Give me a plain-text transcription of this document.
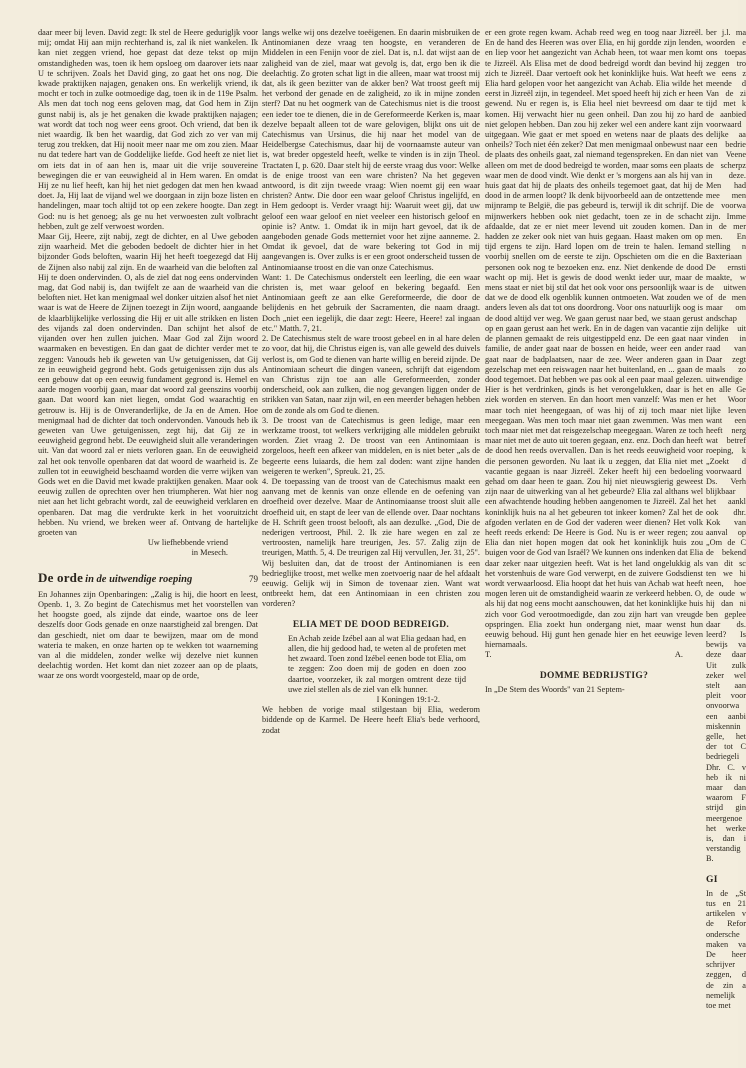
daar meer bij leven. David zegt: Ik stel de Heere gedurigljk voor mij; omdat Hij aan mijn rechterhand is, zal ik niet wankelen. Ik kan niet zeggen vriend, hoe gepast dat deze tekst op mijn omstandigheden was, toen ik hem opsloeg om daarover iets naar U te schrijven. Zoals het David ging, zo gaat het ons nog. Die kwade praktijken najagen, genaken ons. En werkelijk vriend, ik mocht er toch in zulke ootmoedige dag, toen ik in de 119e Psalm. Als men dat toch nog eens geloven mag, dat God hem in Zijn gunst nabij is, als je het genaken die kwade praktijken najagen; wat wordt dat toch nog weer eens groot. Och vriend, dat ben ik niet waardig. Ik ben het waardig, dat God zich zo ver van mij terug zou trekken, dat Hij nooit meer naar me om zou zien. Maar nu dat tedere hart van de Goddelijke liefde. God heeft ze niet liet om iets dat in of aan hen is, maar uit die vrije souvereine bewegingen die er van eeuwigheid al in Hem waren. En omdat Hij ze nu lief heeft, kan hij het niet gedogen dat men hen kwaad doet. Ja, Hij laat de vijand wel we doorgaan in zijn boze listen en handelingen, maar toch altijd tot op een zekere hoogte. Dan zegt God: nu is het genoeg; als ge nu het verwoesten zult volbracht hebben, zult ge zelf verwoest worden.

Maar Gij, Heere, zijt nabij, zegt de dichter, en al Uwe geboden zijn waarheid. Met die geboden bedoelt de dichter hier in het bijzonder Gods beloften, waarin Hij het heeft toegezegd dat Hij de Zijnen also nabij zal zijn. En de waarheid van die beloften zal Hij te doen ondervinden. O, als de ziel dat nog eens ondervinden mag, dat God nabij is, dan twijfelt ze aan de waarheid van die beloften niet. Het kan menigmaal wel donker uitzien alsof het niet waar is wat de Heere de Zijnen toezegt in Zijn woord, aangaande de klaarblijkelijke verlossing die Hij er uit alle strikken en listen des vijands zal doen ondervinden. Dan schijnt het alsof de vijanden over hen zullen juichen. Maar God zal Zijn woord waarmaken en bevestigen. En dan gaat de dichter verder met te zeggen: Vanouds heb ik geweten van Uw getuigenissen, dat Gij ze in eeuwigheid gegrond hebt. Gods getuigenissen zijn dus als een gebouw dat op een eeuwig fundament gegrond is. Hemel en aarde mogen voorbij gaan, maar dat woord zal geenszins voorbij gaan. Dat woord kan niet liegen, omdat God waarachtig en getrouw is. Hij is de Onveranderlijke, de Ja en de Amen. Hoe menigmaal had de dichter dat toch ondervonden. Vanouds heb ik geweten van Uwe getuigenissen, zegt hij, dat Gij ze in eeuwigheid gegrond hebt. De eeuwigheid sluit alle veranderingen uit. Van dat woord zal er niets verloren gaan. En de eeuwigheid zal het ook tenvolle openbaren dat dat woord de waarheid is. Ze zullen tot in eeuwigheid beschaamd worden die verre wijken van Gods wet en die David met kwade praktijken genaken. Maar ook eeuwig zullen de oprechten over hen triumpheren. Wat hier nog niet aan het licht gebracht wordt, zal de eeuwigheid verklaren en openbaren. Dat mag die verdrukte kerk in het vooruitzicht hebben. Nu vriend, we breken weer af. Ontvang de hartelijke groeten van

Uw liefhebbende vriend

in Mesech.

De orde in de uitwendige roeping	79

En Johannes zijn Openbaringen: „Zalig is hij, die hoort en leest, Openb. 1, 3. Zo begint de Catechismus met het voorstellen van het hoogste goed, als zijnde dat einde, waartoe ons de leer deszelfs door Gods genade en onze naarstigheid zal brengen. Dat dan geschiedt, niet om daar te bewijzen, maar om de mond wateria te maken, en onze harten op te wekken tot waarneming van al die middelen, zonder welke wij dezelve niet kunnen deelachtig worden. Het komt dan niet zozeer aan op de plaats, waar ze ons wordt voorgesteld, maar op de orde,

langs welke wij ons dezelve toeëigenen. En daarin misbruiken de Antinomianen deze vraag ten hoogste, en veranderen de Middelen in een Fenijn voor de ziel. Dat is, n.l. dat wijst aan de zaligheid van de ziel, maar wat gevolg is, dat, ergo ben ik die deelachtig. Zo groten schat ligt in die alleen, maar wat troost mij dat, als ik geen bezitter van de akker ben? Wat troost geeft mij het verbond der genade en de zaligheid, zo ik in mijne zonden sterf? Dat nu het oogmerk van de Catechismus niet is die troost een ieder toe te dienen, die in de Gereformeerde Kerken is, maar dezelve bepaalt alleen tot de ware gelovigen, blijkt ons uit de Catechismus van Ursinus, die hij naar het model van de Heidelbergse Catechismus, daar hij de voornaamste auteur van is, wat breder opgesteld heeft, welke te vinden is in zijn Theol. Tractaten I, p. 620. Daar stelt hij de eerste vraag dus voor: Welke is de enige troost van een ware christen? Na het gegeven antwoord, is dit zijn tweede vraag: Wien noemt gij een waar christen? Antw. Die door een waar geloof Christus ingelijfd, en in Hem gedoopt is. Verder vraagt hij: Waaruit weet gij, dat uw geloof een waar geloof en niet veeleer een historisch geloof en opinie is? Antw. 1. Omdat ik in mijn hart gevoel, dat ik de aangeboden genade Gods metterniet voor het zijne aanneme. 2. Omdat ik gevoel, dat de ware bekering tot God in mij aangevangen is. Over zulks is er een groot onderscheid tussen de Antinomiaanse troost en die van onze Catechismus.

Want: 1. De Catechismus onderstelt een leerling, die een waar christen is, met waar geloof en bekering begaafd. Een Antinomiaan geeft ze aan elke Gereformeerde, die door de belijdenis en het gebruik der Sacramenten, die naam draagt. Doch „niet een iegelijk, die daar zegt: Heere, Heere! zal ingaan etc." Matth. 7, 21.

2. De Catechismus stelt de ware troost gebeel en in al hare delen zo voor, dat hij, die Christus eigen is, van alle geweld des duivels verlost is, om God te dienen van harte willig en bereid zijnde. De Antinomiaan scheurt die dingen vaneen, schrijft dat eigendom van Christus zijn toe aan alle Gereformeerden, zonder onderscheid, ook aan zulken, die nog gevangen liggen onder de strikken van Satan, naar zijn wil, en een meerder behagen hebben om de zonde als om God te dienen.

3. De troost van de Catechismus is geen ledige, maar een werkzame troost, tot welkers verkrijging alle middelen gebruikt worden. Ziet vraag 2. De troost van een Antinomiaan is zorgeloos, heeft een afkeer van middelen, en is niet beter „als de begeerte eens luiaards, die hem zal doden: want zijne handen weigeren te werken", Spreuk. 21, 25.

4. De toepassing van de troost van de Catechismus maakt een aanvang met de kennis van onze ellende en de oefening van droefheid over dezelve. Maar de Antinomiaanse troost sluit alle droefheid uit, en stapt de leer van de ellende over. Daar nochtans de H. Schrift geen troost belooft, als aan dezulke. „God, Die de nederigen vertroost, Phil. 2. Ik zie hare wegen en zal ze vertroosten, namelijk hare treurigen, Jes. 57. Zalig zijn de treurigen, Matth. 5, 4. De treurigen zal Hij vervullen, Jer. 31, 25". Wij besluiten dan, dat de troost der Antinomianen is een bedrieglijke troost, met welke men zoetvoerig naar de hel afdaalt eeuwig. Gelijk wij in Simon de tovenaar zien. Want wat ontbreekt hem, dat een Antinomiaan in een christen zou vorderen?

ELIA MET DE DOOD BEDREIGD.

En Achab zeide Izébel aan al wat Elia gedaan had, en allen, die hij gedood had, te weten al de profeten met het zwaard. Toen zond Izébel eenen bode tot Elia, om te zeggen: Zoo doen mij de goden en doen zoo daartoe, voorzeker, ik zal morgen omtrent deze tijd uwe ziel stellen als de ziel van elk hunner.

I Koningen 19:1-2.

We hebben de vorige maal stilgestaan bij Elia, wederom biddende op de Karmel. De Heere heeft Elia's bede verhoord, zodat

er een grote regen kwam. Achab reed weg en toog naar Jizreël. En de hand des Heeren was over Elia, en hij gordde zijn lenden, en liep voor het aangezicht van Achab heen, tot waar men komt te Jizreël. Als Elisa met de dood bedreigd wordt dan bevind hij zich te Jizreël. Daar vertoeft ook het koninklijke huis. Wat heeft Elia hard gelopen voor het aangezicht van Achab. Elia wilde het eerst in Jizreël zijn, in tegendeel. Met spoed heeft hij zich er heen gewend. Nu er regen is, is Elia heel niet bevreesd om daar te komen. Hij verwacht hier nu geen onheil. Dan zou hij zo hard niet gelopen hebben. Dan zou hij zeker wel een andere kant zijn uitgegaan. Wie gaat er met spoed en wetens naar de plaats des onheils? Toch niet één zeker? Dat men menigmaal onbewust naar de plaats des onheils gaat, zal niemand tegenspreken. En dan niet alleen om met de dood bedreigd te worden, maar soms een plaats waar men de dood vindt. Wie denkt er 's morgens aan als hij van huis gaat dat hij de plaats des onheils tegemoet gaat, dat hij de dood in de armen loopt? Ik denk bijvoorbeeld aan de ontzettende mijnramp te België, die pas gebeurd is, terwijl ik dit schrijf. Die mijnwerkers hebben ook niet gedacht, toen ze in de schacht afdaalde, dat ze er niet meer levend uit zouden komen. Dan hadden ze zeker ook niet van huis gegaan. Haast maken om op tijd ergens te zijn. Hard lopen om de trein te halen. Iemand voorbij snellen om de eerste te zijn. Opschieten om die en die personen ook nog te bezoeken enz. enz. Niet denkende de dood wacht op mij. Het is gewis de dood wenkt ieder uur, maar de mens staat er niet bij stil dat het ook voor ons persoonlijk waar is dat we de dood elk ogenblik kunnen ontmoeten. Wat zouden we anders leven als dat tot ons doordrong. Voor ons natuurlijk oog is de dood altijd ver weg. We gaan gerust naar bed, we staan gerust op en gaan gerust aan het werk. En in de dagen van vacantie zijn de plannen gemaakt de reis uitgestippeld enz. De een gaat naar familie, de ander gaat naar de bossen en heide, weer een ander gaat naar de badplaatsen, naar de zee. Weer anderen gaan in gezelschap met een reiswagen naar het buitenland, en ... gaan de dood tegemoet. Dat hebben we pas ook al een paar maal gelezen. Hier is het verdrinken, ginds is het verongelukken, daar is het ziek worden en sterven. En dan hoort men vanzelf: Was men er maar toch niet heengegaan, of was hij of zij toch maar niet meegegaan. Was men toch maar niet gaan zwemmen. Was men toch maar niet met dat reisgezelschap meegegaan. Waren ze toch maar niet met de auto uit toeren gegaan, enz. enz. Doch dan heeft de dood hen reeds overvallen. Dan is het reeds eeuwigheid voor die personen geworden. Nu laat ik u zeggen, dat Elia niet met vacantie gegaan is naar Jizreël. Zeker heeft hij een bedoeling gehad om daar heen te gaan. Zou hij niet nieuwsgierig geweest zijn naar de uitwerking van al het gebeurde? Elia zal althans wel een afwachtende houding hebben aangenomen te Jizreël. Zal het koninklijk huis na al het gebeuren tot inkeer komen? Zal het de afgoden verlaten en de God der vaderen weer dienen? Het volk heeft reeds erkend: De Heere is God. Nu is er weer regen; zou Elia dan niet hopen mogen dat ook het koninklijk huis zou buigen voor de God van Israël? We kunnen ons indenken dat Elia daar zeker naar uitgezien heeft. Wat is het land ongelukkig als het vorstenhuis de ware God verwerpt, en de zuivere Godsdienst wordt verwaarloosd. Elia hoopt dat het huis van Achab wat heeft mogen leren uit de omstandigheid waarin ze verkeerd hebben. O, als hij dat nog eens mocht aanschouwen, dat het koninklijke huis zich voor God verootmoedigde, dan zou zijn hart van vreugde opspringen. Elia zoekt hun ondergang niet, maar wenst hun eeuwig behoud. Hij gunt hen genade hier en het eeuwige leven hiernamaals.

T.	A.
DOMME BEDRIJSTIG?

In „De Stem des Woords" van 21 Septem-

ber j.l. ma woorden e ons toepas zeggen tro we eens z meende d Van de zi tijd met k de aanbied voorwaard delijke aa een bedrie van Veene de scherpz in deze. Men had mee men de voorwa zijn. Imme in de mer men. En stelling n Baxteriaan De ernsti maakte, w de uitwen of de men maar om andschap delijke uit vinden in raad van Daar zegt maals zo uitwendige en alle Ge het Woor lijke leven want een heeft nerg wat betref roeping, k „Zoekt d voorwaard Ds. Verh blijkbaar het aankl ook dhr. Kok van aanval op „Om de C de bekend van dit sc ten we hi neen, hoe de oude w hij dan ni ben geplee daar ds. leerd? Is bewijs va deze daar Uit zulk zeker wel stelt aan pleit voor onvoorwa een aanbi miskennin gelle, het der tot C bedriegeli Dhr. C. v heb ik ni maar dan waarom F strijd gin meergenoe het werke is, dan i verstandig B.

GI

In de „St tus en 21 artikelen v de Refor ondersche maken va De heer schrijver zeggen, d de zin a nemelijk toe met
